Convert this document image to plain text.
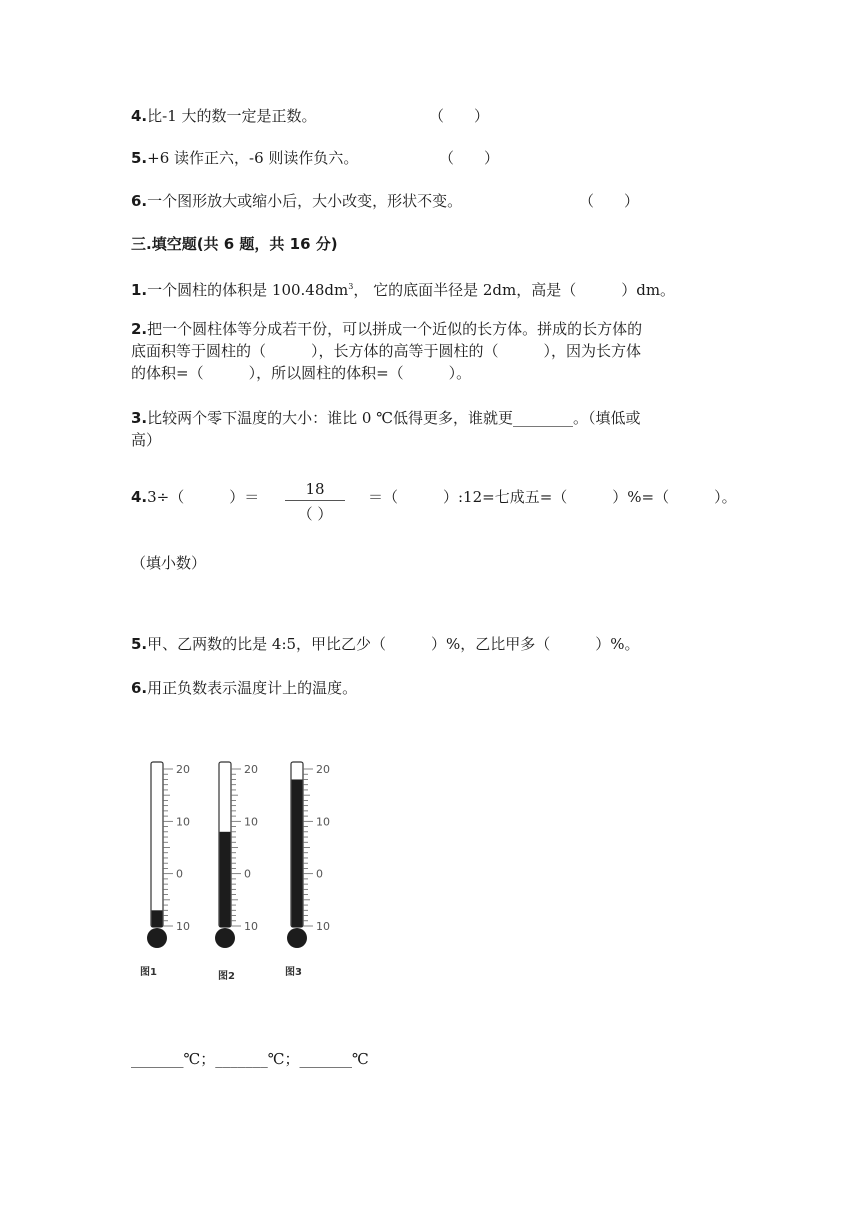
4.比-1 大的数一定是正数。	（　　）
5.+6 读作正六，-6 则读作负六。	（　　）
6.一个图形放大或缩小后，大小改变，形状不变。	（　　）
三.填空题(共 6 题，共 16 分)
1.一个圆柱的体积是 $100.48dm^3$， 它的底面半径是 2dm，高是（　　　）dm。
2.把一个圆柱体等分成若干份，可以拼成一个近似的长方体。拼成的长方体的
底面积等于圆柱的（　　　），长方体的高等于圆柱的（　　　），因为长方体
的体积=（　　　），所以圆柱的体积=（　　　）。
3.比较两个零下温度的大小：谁比 0 ℃低得更多，谁就更________。（填低或
高）
4.3÷（　　　）＝	18
（ ）
＝（　　　）:12=七成五=（　　　）%=（　　　）。
（填小数）
5.甲、乙两数的比是 4:5，甲比乙少（　　　）%，乙比甲多（　　　）%。
6.用正负数表示温度计上的温度。
20
10
0
10
图1
20
10
0
10
图2
20
10
0
10
图3
_______℃；_______℃；_______℃
